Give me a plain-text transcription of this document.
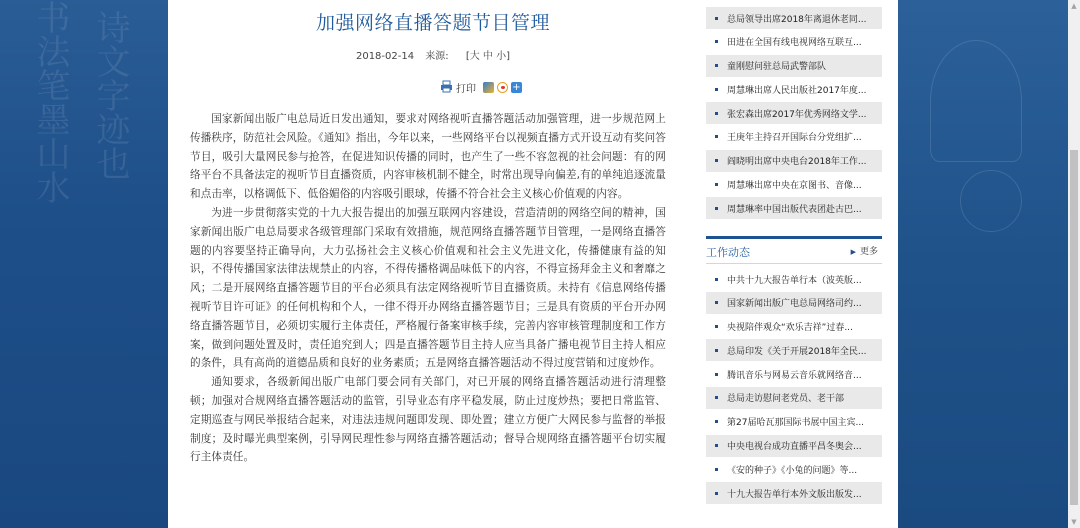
书法笔墨山水 诗文字迹也
▲
▼
加强网络直播答题节目管理
2018-02-14 来源: [大 中 小]
打印	+

国家新闻出版广电总局近日发出通知，要求对网络视听直播答题活动加强管理，进一步规范网上传播秩序，防范社会风险。《通知》指出，今年以来，一些网络平台以视频直播方式开设互动有奖问答节目，吸引大量网民参与抢答，在促进知识传播的同时，也产生了一些不容忽视的社会问题：有的网络平台不具备法定的视听节目直播资质，内容审核机制不健全，时常出现导向偏差,有的单纯追逐流量和点击率，以格调低下、低俗媚俗的内容吸引眼球，传播不符合社会主义核心价值观的内容。

为进一步贯彻落实党的十九大报告提出的加强互联网内容建设，营造清朗的网络空间的精神，国家新闻出版广电总局要求各级管理部门采取有效措施，规范网络直播答题节目管理，一是网络直播答题的内容要坚持正确导向，大力弘扬社会主义核心价值观和社会主义先进文化，传播健康有益的知识，不得传播国家法律法规禁止的内容，不得传播格调品味低下的内容，不得宣扬拜金主义和奢靡之风；二是开展网络直播答题节目的平台必须具有法定网络视听节目直播资质。未持有《信息网络传播视听节目许可证》的任何机构和个人，一律不得开办网络直播答题节目；三是具有资质的平台开办网络直播答题节目，必须切实履行主体责任，严格履行备案审核手续，完善内容审核管理制度和工作方案，做到问题处置及时，责任追究到人；四是直播答题节目主持人应当具备广播电视节目主持人相应的条件，具有高尚的道德品质和良好的业务素质；五是网络直播答题活动不得过度营销和过度炒作。

通知要求，各级新闻出版广电部门要会同有关部门，对已开展的网络直播答题活动进行清理整顿；加强对合规网络直播答题活动的监管，引导业态有序平稳发展，防止过度炒热；要把日常监管、定期巡查与网民举报结合起来，对违法违规问题即发现、即处置；建立方便广大网民参与监督的举报制度；及时曝光典型案例，引导网民理性参与网络直播答题活动；督导合规网络直播答题平台切实履行主体责任。

总局领导出席2018年离退休老同...
田进在全国有线电视网络互联互...
童刚慰问驻总局武警部队
周慧琳出席人民出版社2017年度...
张宏森出席2017年优秀网络文学...
王庚年主持召开国际台分党组扩...
阎晓明出席中央电台2018年工作...
周慧琳出席中央在京图书、音像...
周慧琳率中国出版代表团赴古巴...
工作动态	▶ 更多
中共十九大报告单行本（波英版...
国家新闻出版广电总局网络司约...
央视陪伴观众“欢乐吉祥”过春...
总局印发《关于开展2018年全民...
腾讯音乐与网易云音乐就网络音...
总局走访慰问老党员、老干部
第27届哈瓦那国际书展中国主宾...
中央电视台成功直播平昌冬奥会...
《安的种子》《小兔的问题》等...
十九大报告单行本外文版出版发...
